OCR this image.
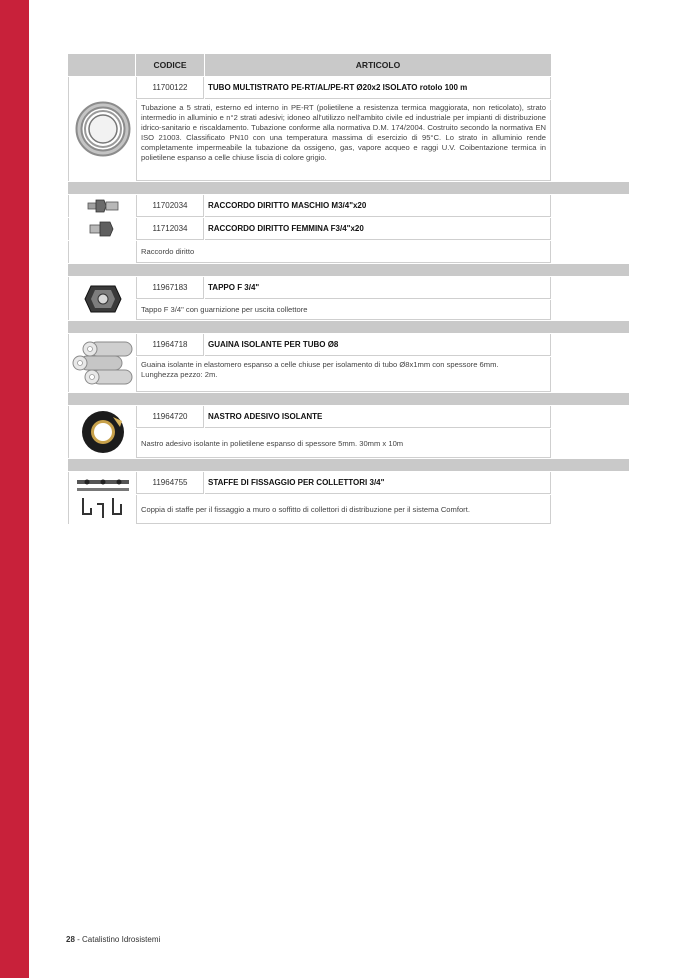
CODICE	ARTICOLO
11700122	TUBO MULTISTRATO PE-RT/AL/PE-RT Ø20x2 ISOLATO rotolo 100 m
Tubazione a 5 strati, esterno ed interno in PE-RT (polietilene a resistenza termica maggiorata, non reticolato), strato intermedio in alluminio e n°2 strati adesivi; idoneo all'utilizzo nell'ambito civile ed industriale per impianti di distribuzione idrico-sanitario e riscaldamento. Tubazione conforme alla normativa D.M. 174/2004. Costruito secondo la normativa EN ISO 21003. Classificato PN10 con una temperatura massima di esercizio di 95°C. Lo strato in alluminio rende completamente impermeabile la tubazione da ossigeno, gas, vapore acqueo e raggi U.V. Coibentazione termica in polietilene espanso a celle chiuse liscia di colore grigio.
11702034	RACCORDO DIRITTO MASCHIO M3/4"x20
11712034	RACCORDO DIRITTO FEMMINA F3/4"x20
Raccordo diritto
11967183	TAPPO F 3/4"
Tappo F 3/4" con guarnizione per uscita collettore
11964718	GUAINA ISOLANTE PER TUBO Ø8
Guaina isolante in elastomero espanso a celle chiuse per isolamento di tubo Ø8x1mm con spessore 6mm.
Lunghezza pezzo: 2m.
11964720	NASTRO ADESIVO ISOLANTE
Nastro adesivo isolante in polietilene espanso di spessore 5mm. 30mm x 10m
11964755	STAFFE DI FISSAGGIO PER COLLETTORI 3/4"
Coppia di staffe per il fissaggio a muro o soffitto di collettori di distribuzione per il sistema Comfort.
28 - Catalistino Idrosistemi
